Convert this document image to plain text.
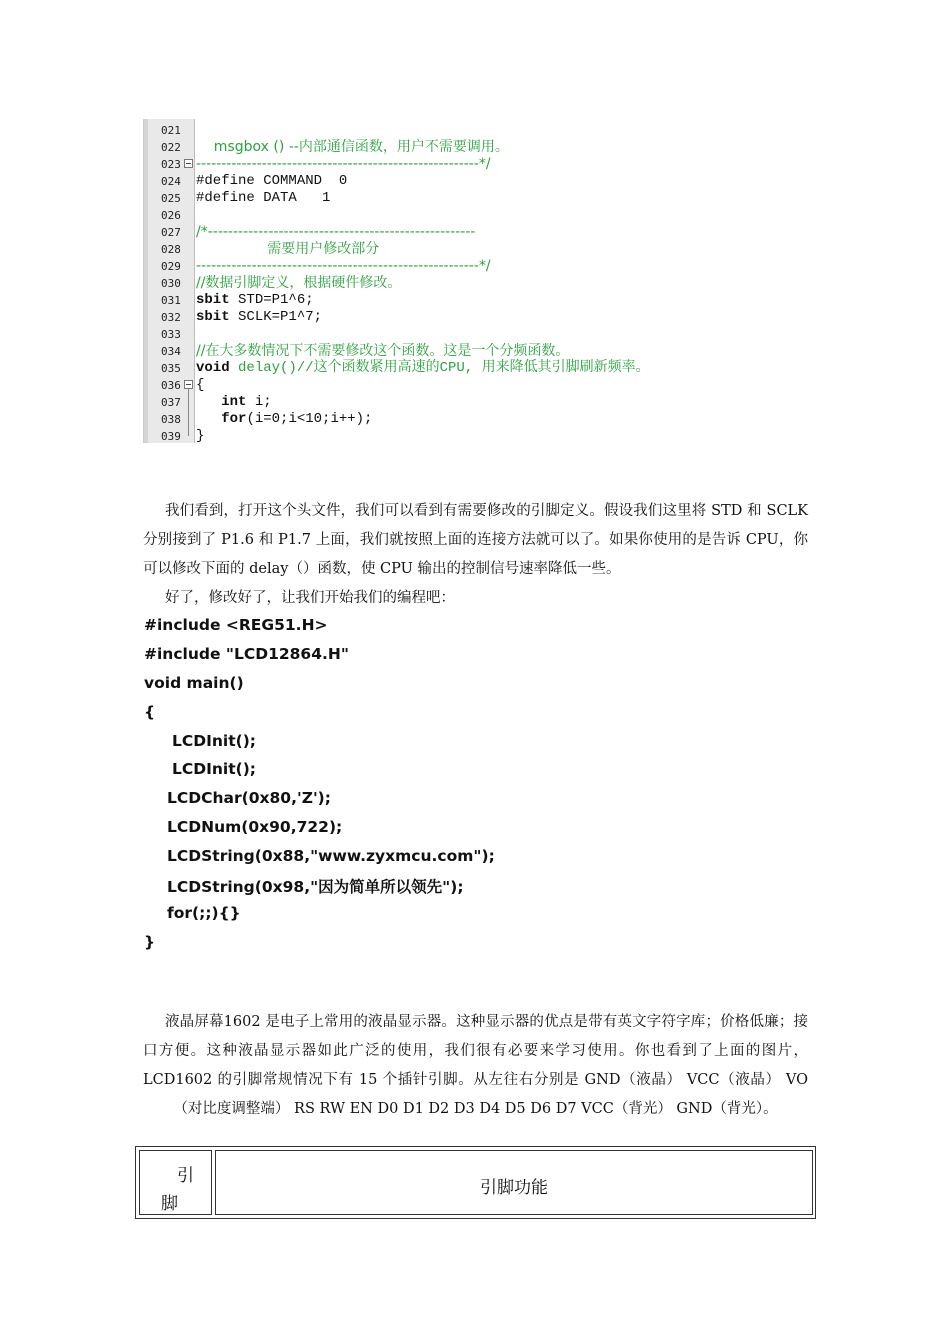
021
022 msgbox () --内部通信函数，用户不需要调用。
023 --------------------------------------------------------*/
024 #define COMMAND  0
025 #define DATA   1
026
027 /*-----------------------------------------------------
028 需要用户修改部分
029 --------------------------------------------------------*/
030 //数据引脚定义，根据硬件修改。
031 sbit STD=P1^6;
032 sbit SCLK=P1^7;
033
034 //在大多数情况下不需要修改这个函数。这是一个分频函数。
035 void delay()//这个函数紧用高速的CPU, 用来降低其引脚刷新频率。
036 {
037	int i;
038	for(i=0;i<10;i++);
039 }
我们看到，打开这个头文件，我们可以看到有需要修改的引脚定义。假设我们这里将 STD 和 SCLK 分别接到了 P1.6 和 P1.7 上面，我们就按照上面的连接方法就可以了。如果你使用的是告诉 CPU，你可以修改下面的 delay（）函数，使 CPU 输出的控制信号速率降低一些。
好了，修改好了，让我们开始我们的编程吧：
#include <REG51.H>
#include "LCD12864.H"
void main()
{
LCDInit();
LCDInit();
LCDChar(0x80,'Z');
LCDNum(0x90,722);
LCDString(0x88,"www.zyxmcu.com");
LCDString(0x98,"因为简单所以领先");
for(;;){}
}
液晶屏幕1602 是电子上常用的液晶显示器。这种显示器的优点是带有英文字符字库；价格低廉；接口方便。这种液晶显示器如此广泛的使用，我们很有必要来学习使用。你也看到了上面的图片，LCD1602 的引脚常规情况下有 15 个插针引脚。从左往右分别是 GND（液晶） VCC（液晶） VO（对比度调整端） RS RW EN D0 D1 D2 D3 D4 D5 D6 D7 VCC（背光） GND（背光）。
引
脚
引脚功能
